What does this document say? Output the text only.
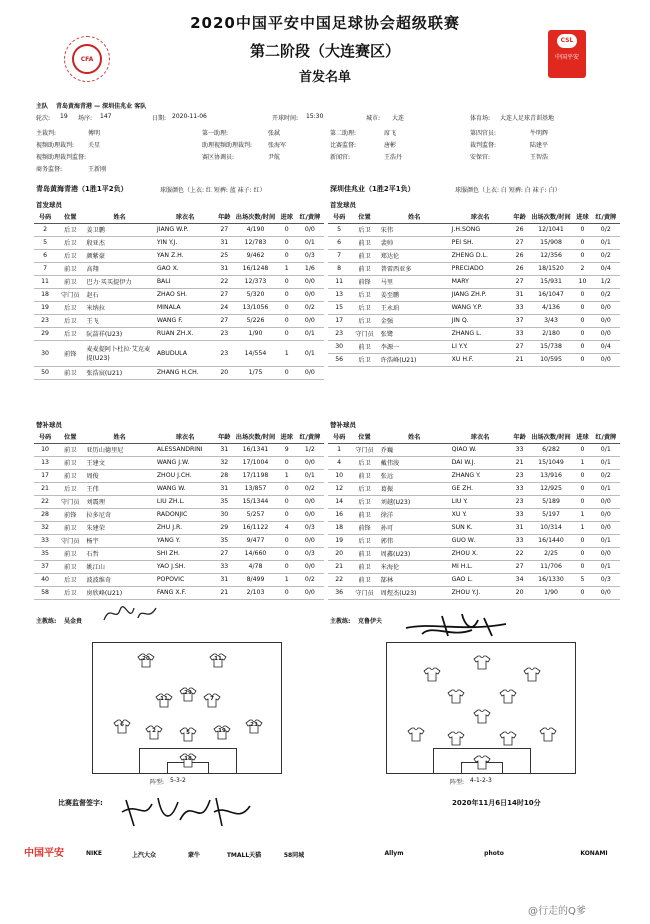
CFA
CSL
中国平安
2020中国平安中国足球协会超级联赛
第二阶段（大连赛区）
首发名单
主队 青岛黄海青港 — 深圳佳兆业 客队
轮次: 19 场序: 147	日期: 2020-11-06	开球时间: 15:30	城市: 大连	体育场: 大连人足球青训基地
主裁判:	傅明	第一助理:	张弑	第二助理:	席飞	第四官员:	牛明辉
视频助理裁判: 关星	助理视频助理裁判:	张海军	比赛监督:	唐彬	裁判监督:	陆建平
视频助理裁判监督:	赛区协调员:	尹航	新闻官:	王浩丹	安保官:	王智浩
商务监督:	王新刚
青岛黄海青港（1胜1平2负）	球服颜色（上衣: 红 短裤: 蓝 袜子: 红）	深圳佳兆业（1胜2平1负）	球服颜色（上衣: 白 短裤: 白 袜子: 白）
首发球员	首发球员
号码	位置	姓名	球衣名	年龄	出场次数/时间	进球	红/黄牌
2	后卫	姜卫鹏	JIANG W.P.	27	4/190	0	0/0
5	后卫	殷亚杰	YIN Y.J.	31	12/783	0	0/1
6	后卫	颜紫豪	YAN Z.H.	25	9/462	0	0/3
7	前卫	高翔	GAO X.	31	16/1248	1	1/6
11	前卫	巴力·买买提伊力	BALI	22	12/373	0	0/0
18	守门员	赵石	ZHAO SH.	27	5/320	0	0/0
19	后卫	米纳拉	MINALA	24	13/1056	0	0/2
23	后卫	王飞	WANG F.	27	5/226	0	0/0
29	后卫	阮喆祥(U23)	RUAN ZH.X.	23	1/90	0	0/1
30	前锋	麦麦提阿卜杜拉·艾克麦提(U23)	ABUDULA	23	14/554	1	0/1
50	前卫	张浩宸(U21)	ZHANG H.CH.	20	1/75	0	0/0
号码	位置	姓名	球衣名	年龄	出场次数/时间	进球	红/黄牌
5	后卫	宋伟	J.H.SONG	26	12/1041	0	0/2
6	前卫	裴帅	PEI SH.	27	15/908	0	0/1
7	前卫	郑达伦	ZHENG D.L.	26	12/356	0	0/2
8	前卫	普雷西亚多	PRECIADO	26	18/1520	2	0/4
11	前锋	马里	MARY	27	15/931	10	1/2
13	后卫	姜至鹏	JIANG ZH.P.	31	16/1047	0	0/2
15	后卫	王永珀	WANG Y.P.	33	4/136	0	0/0
17	后卫	金强	JIN Q.	37	3/43	0	0/0
23	守门员	张鹭	ZHANG L.	33	2/180	0	0/0
30	前卫	李源一	LI Y.Y.	27	15/738	0	0/4
56	后卫	许浩峰(U21)	XU H.F.	21	10/595	0	0/0
替补球员	替补球员
号码	位置	姓名	球衣名	年龄	出场次数/时间	进球	红/黄牌
10	前卫	亚历山德里尼	ALESSANDRINI	31	16/1341	9	1/2
13	前卫	王建文	WANG J.W.	32	17/1004	0	0/0
17	前卫	周俊	ZHOU J.CH.	28	17/1198	1	0/1
21	后卫	王伟	WANG W.	31	13/857	0	0/2
22	守门员	刘震理	LIU ZH.L.	35	15/1344	0	0/0
28	前锋	拉多尼奇	RADONJIC	30	5/257	0	0/0
32	前卫	朱建荣	ZHU J.R.	29	16/1122	4	0/3
33	守门员	杨宇	YANG Y.	35	9/477	0	0/0
35	前卫	石哲	SHI ZH.	27	14/660	0	0/3
37	前卫	姚江山	YAO J.SH.	33	4/78	0	0/0
40	后卫	波波维奇	POPOVIC	31	8/499	1	0/2
58	后卫	房欣峰(U21)	FANG X.F.	21	2/103	0	0/0
号码	位置	姓名	球衣名	年龄	出场次数/时间	进球	红/黄牌
1	守门员	乔巍	QIAO W.	33	6/282	0	0/1
4	后卫	戴伟浚	DAI W.J.	21	15/1049	1	0/1
10	前卫	张远	ZHANG Y.	23	13/916	0	0/2
12	后卫	葛振	GE ZH.	33	12/925	0	0/1
14	后卫	刘越(U23)	LIU Y.	23	5/189	0	0/0
16	前卫	徐洋	XU Y.	33	5/197	1	0/0
18	前锋	孙可	SUN K.	31	10/314	1	0/0
19	后卫	郭伟	GUO W.	33	16/1440	0	0/1
20	前卫	周鑫(U23)	ZHOU X.	22	2/25	0	0/0
21	前卫	米海伦	MI H.L.	27	11/706	0	0/1
22	前卫	郜林	GAO L.	34	16/1330	5	0/3
36	守门员	周煜杰(U23)	ZHOU Y.J.	20	1/90	0	0/0
主教练: 吴金贵	主教练: 克鲁伊夫
20	11
11
29
7
6
2	5	19
23
18
阵型: 5-3-2	阵型: 4-1-2-3
比赛监督签字:	2020年11月6日14时10分
中国平安	NIKE	上汽大众	蒙牛	TMALL天猫	58同城	Allym	photo	KONAMI
@行走的Q爹
